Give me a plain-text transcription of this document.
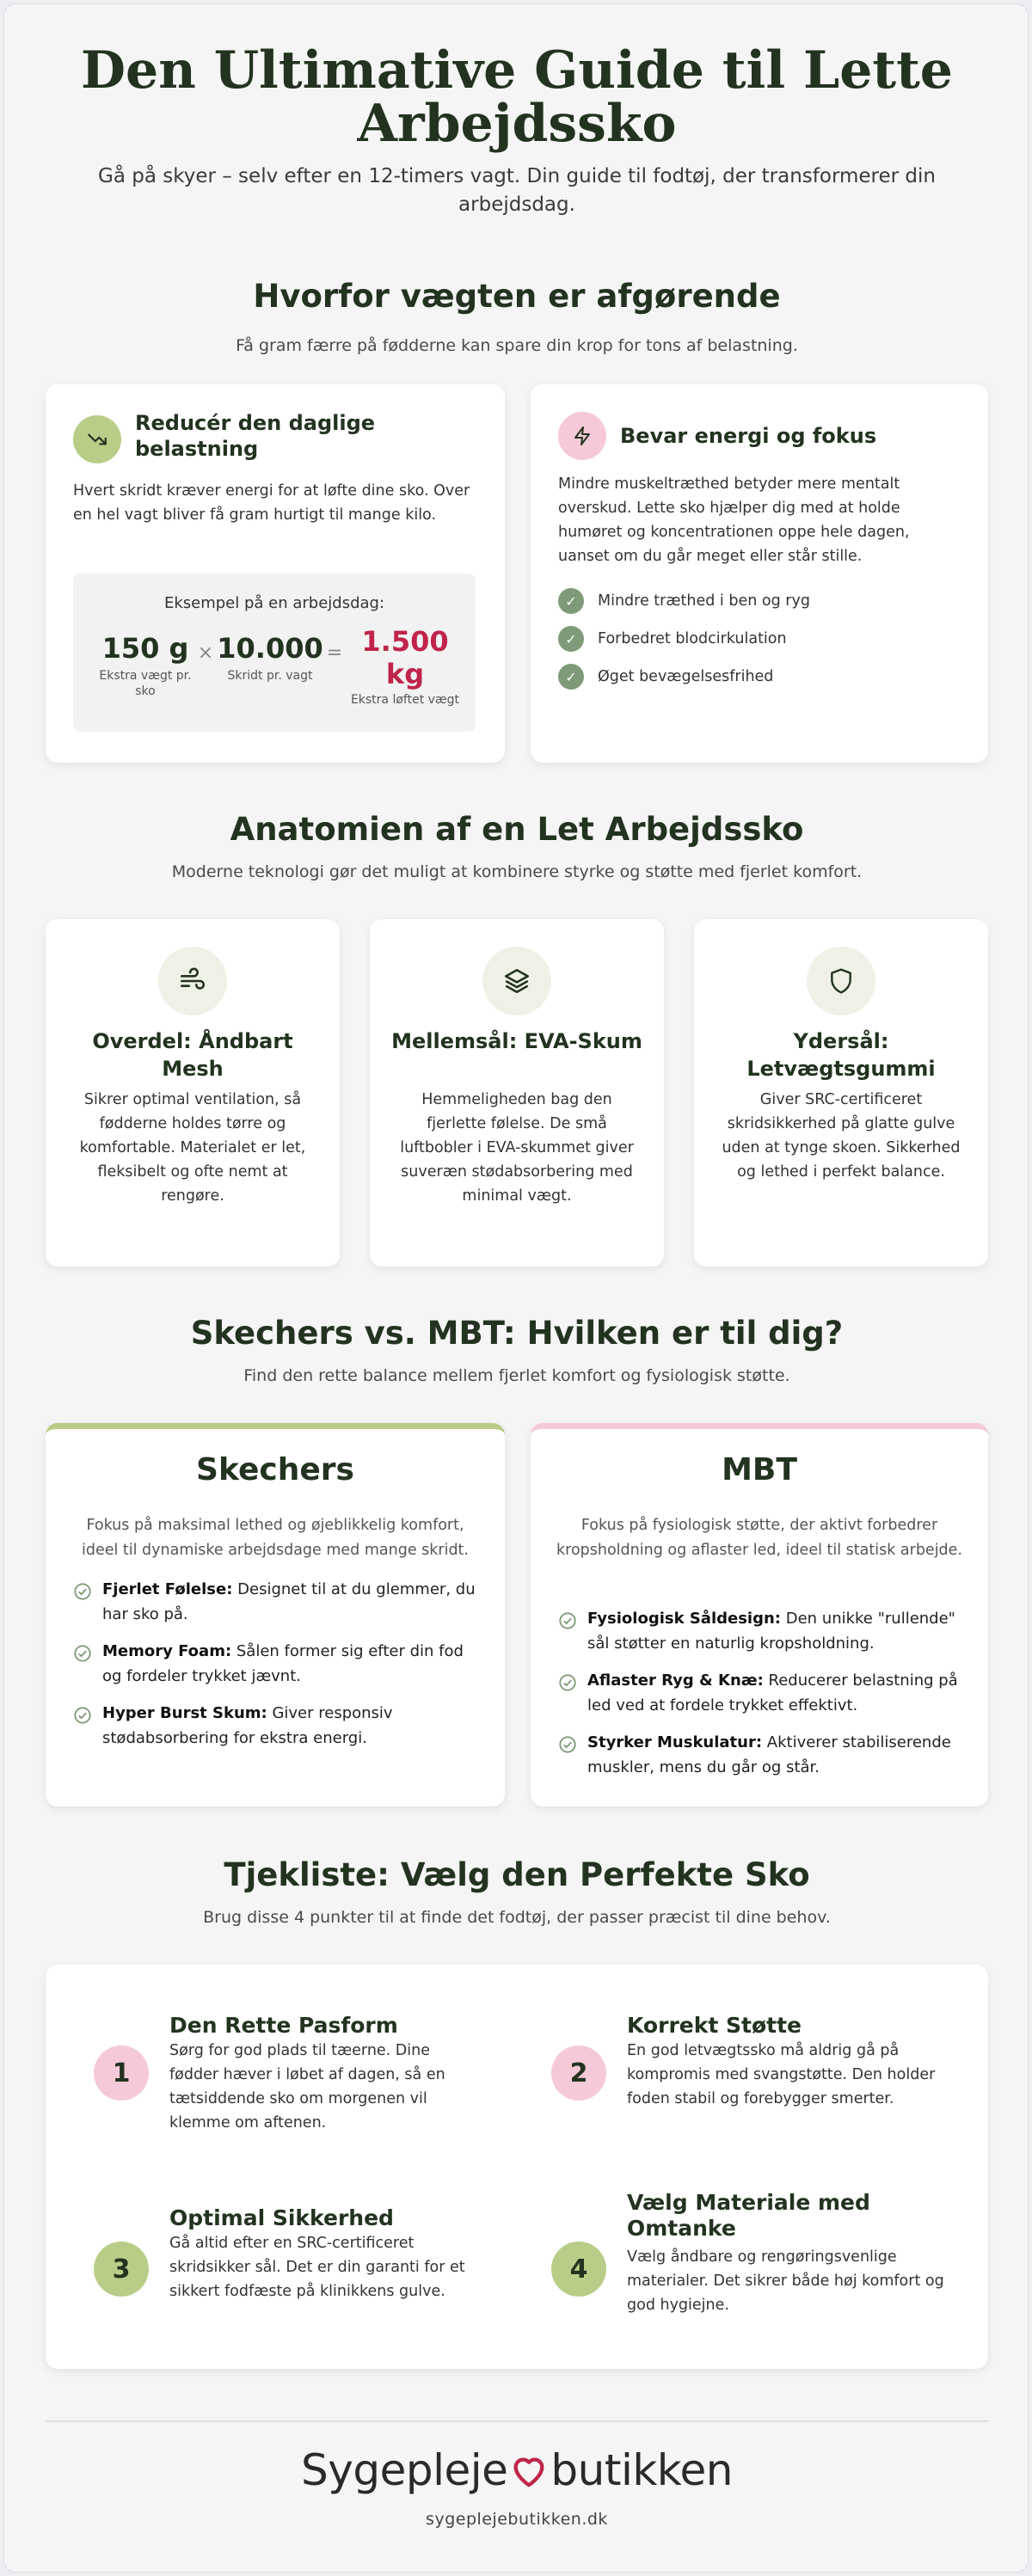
Den Ultimative Guide til Lette Arbejdssko
Gå på skyer – selv efter en 12-timers vagt. Din guide til fodtøj, der transformerer din arbejdsdag.
Hvorfor vægten er afgørende
Få gram færre på fødderne kan spare din krop for tons af belastning.
Reducér den daglige belastning
Hvert skridt kræver energi for at løfte dine sko. Over en hel vagt bliver få gram hurtigt til mange kilo.
Eksempel på en arbejdsdag:
150 g
Ekstra vægt pr. sko
× 10.000
Skridt pr. vagt
= 1.500 kg
Ekstra løftet vægt
Bevar energi og fokus
Mindre muskeltræthed betyder mere mentalt overskud. Lette sko hjælper dig med at holde humøret og koncentrationen oppe hele dagen, uanset om du går meget eller står stille.
✓	Mindre træthed i ben og ryg
✓	Forbedret blodcirkulation
✓	Øget bevægelsesfrihed
Anatomien af en Let Arbejdssko
Moderne teknologi gør det muligt at kombinere styrke og støtte med fjerlet komfort.
Overdel: Åndbart Mesh
Sikrer optimal ventilation, så fødderne holdes tørre og komfortable. Materialet er let, fleksibelt og ofte nemt at rengøre.
Mellemsål: EVA-Skum
Hemmeligheden bag den fjerlette følelse. De små luftbobler i EVA-skummet giver suveræn stødabsorbering med minimal vægt.
Ydersål: Letvægtsgummi
Giver SRC-certificeret skridsikkerhed på glatte gulve uden at tynge skoen. Sikkerhed og lethed i perfekt balance.
Skechers vs. MBT: Hvilken er til dig?
Find den rette balance mellem fjerlet komfort og fysiologisk støtte.
Skechers
Fokus på maksimal lethed og øjeblikkelig komfort, ideel til dynamiske arbejdsdage med mange skridt.
Fjerlet Følelse: Designet til at du glemmer, du har sko på.
Memory Foam: Sålen former sig efter din fod og fordeler trykket jævnt.
Hyper Burst Skum: Giver responsiv stødabsorbering for ekstra energi.
MBT
Fokus på fysiologisk støtte, der aktivt forbedrer kropsholdning og aflaster led, ideel til statisk arbejde.
Fysiologisk Såldesign: Den unikke "rullende" sål støtter en naturlig kropsholdning.
Aflaster Ryg & Knæ: Reducerer belastning på led ved at fordele trykket effektivt.
Styrker Muskulatur: Aktiverer stabiliserende muskler, mens du går og står.
Tjekliste: Vælg den Perfekte Sko
Brug disse 4 punkter til at finde det fodtøj, der passer præcist til dine behov.
1
Den Rette Pasform
Sørg for god plads til tæerne. Dine fødder hæver i løbet af dagen, så en tætsiddende sko om morgenen vil klemme om aftenen.
2
Korrekt Støtte
En god letvægtssko må aldrig gå på kompromis med svangstøtte. Den holder foden stabil og forebygger smerter.
3
Optimal Sikkerhed
Gå altid efter en SRC-certificeret skridsikker sål. Det er din garanti for et sikkert fodfæste på klinikkens gulve.
4
Vælg Materiale med Omtanke
Vælg åndbare og rengøringsvenlige materialer. Det sikrer både høj komfort og god hygiejne.
Sygepleje butikken
sygeplejebutikken.dk
